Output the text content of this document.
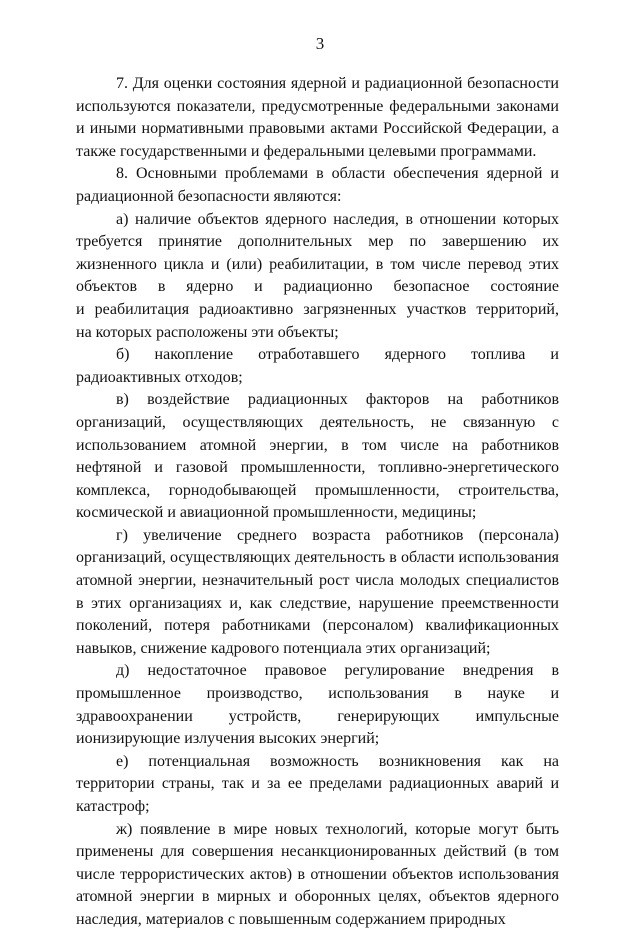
3
7. Для оценки состояния ядерной и радиационной безопасности
используются показатели, предусмотренные федеральными законами
и иными нормативными правовыми актами Российской Федерации, а
также государственными и федеральными целевыми программами.
8. Основными проблемами в области обеспечения ядерной и
радиационной безопасности являются:
а) наличие объектов ядерного наследия, в отношении которых
требуется принятие дополнительных мер по завершению их
жизненного цикла и (или) реабилитации, в том числе перевод этих
объектов в ядерно и радиационно безопасное состояние
и реабилитация радиоактивно загрязненных участков территорий,
на которых расположены эти объекты;
б) накопление отработавшего ядерного топлива и
радиоактивных отходов;
в) воздействие радиационных факторов на работников
организаций, осуществляющих деятельность, не связанную с
использованием атомной энергии, в том числе на работников
нефтяной и газовой промышленности, топливно-энергетического
комплекса, горнодобывающей промышленности, строительства,
космической и авиационной промышленности, медицины;
г) увеличение среднего возраста работников (персонала)
организаций, осуществляющих деятельность в области использования
атомной энергии, незначительный рост числа молодых специалистов
в этих организациях и, как следствие, нарушение преемственности
поколений, потеря работниками (персоналом) квалификационных
навыков, снижение кадрового потенциала этих организаций;
д) недостаточное правовое регулирование внедрения в
промышленное производство, использования в науке и
здравоохранении устройств, генерирующих импульсные
ионизирующие излучения высоких энергий;
е) потенциальная возможность возникновения как на
территории страны, так и за ее пределами радиационных аварий и
катастроф;
ж) появление в мире новых технологий, которые могут быть
применены для совершения несанкционированных действий (в том
числе террористических актов) в отношении объектов использования
атомной энергии в мирных и оборонных целях, объектов ядерного
наследия, материалов с повышенным содержанием природных
